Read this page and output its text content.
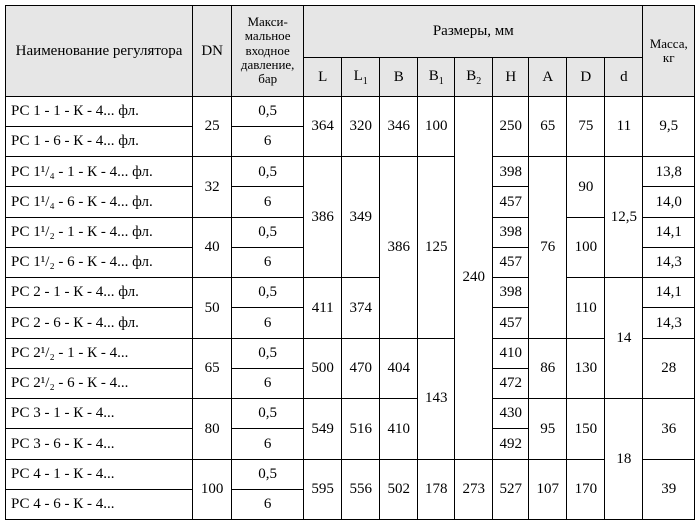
Наименование регулятора	DN	Макси-мальное входное давление, бар	Размеры, мм									Масса, кг
			L	$L_1$	B	$B_1$	$B_2$	H	A	D	d	
РС 1 - 1 - К - 4... фл.	25	0,5	364	320	346	100	240	250	65	75	11	9,5
РС 1 - 6 - К - 4... фл.		6										
РС 1¹/₄ - 1 - К - 4... фл.	32	0,5	386	349	386	125		398	76	90	12,5	13,8
РС 1¹/₄ - 6 - К - 4... фл.		6						457				14,0
РС 1¹/₂ - 1 - К - 4... фл.	40	0,5						398		100		14,1
РС 1¹/₂ - 6 - К - 4... фл.		6						457				14,3
РС 2 - 1 - К - 4... фл.	50	0,5	411	374				398		110	14	14,1
РС 2 - 6 - К - 4... фл.		6						457				14,3
РС 2¹/₂ - 1 - К - 4...	65	0,5	500	470	404	143		410	86	130		28
РС 2¹/₂ - 6 - К - 4...		6						472				
РС 3 - 1 - К - 4...	80	0,5	549	516	410			430	95	150	18	36
РС 3 - 6 - К - 4...		6						492				
РС 4 - 1 - К - 4...	100	0,5	595	556	502	178	273	527	107	170		39
РС 4 - 6 - К - 4...		6										
